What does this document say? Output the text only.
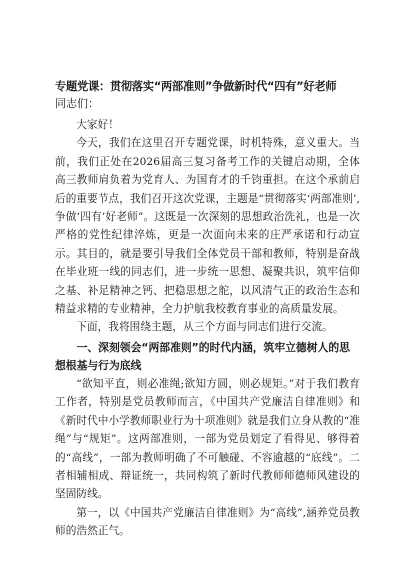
专题党课：贯彻落实“两部准则”争做新时代“四有”好老师

同志们：

大家好！

今天，我们在这里召开专题党课，时机特殊，意义重大。当前，我们正处在2026届高三复习备考工作的关键启动期，全体高三教师肩负着为党育人、为国育才的千钧重担。在这个承前启后的重要节点，我们召开这次党课，主题是“贯彻落实‘两部准则’,争做‘四有’好老师”。这既是一次深刻的思想政治洗礼，也是一次严格的党性纪律淬炼，更是一次面向未来的庄严承诺和行动宣示。其目的，就是要引导我们全体党员干部和教师，特别是奋战在毕业班一线的同志们，进一步统一思想、凝聚共识，筑牢信仰之基、补足精神之钙、把稳思想之舵，以风清气正的政治生态和精益求精的专业精神，全力护航我校教育事业的高质量发展。

下面，我将围绕主题，从三个方面与同志们进行交流。

一、深刻领会“两部准则”的时代内涵，筑牢立德树人的思想根基与行为底线

“欲知平直，则必准绳;欲知方圆，则必规矩。”对于我们教育工作者，特别是党员教师而言，《中国共产党廉洁自律准则》和《新时代中小学教师职业行为十项准则》就是我们立身从教的“准绳”与“规矩”。这两部准则，一部为党员划定了看得见、够得着的“高线”，一部为教师明确了不可触碰、不容逾越的“底线”。二者相辅相成、辩证统一，共同构筑了新时代教师师德师风建设的坚固防线。

第一，以《中国共产党廉洁自律准则》为“高线”,涵养党员教师的浩然正气。
